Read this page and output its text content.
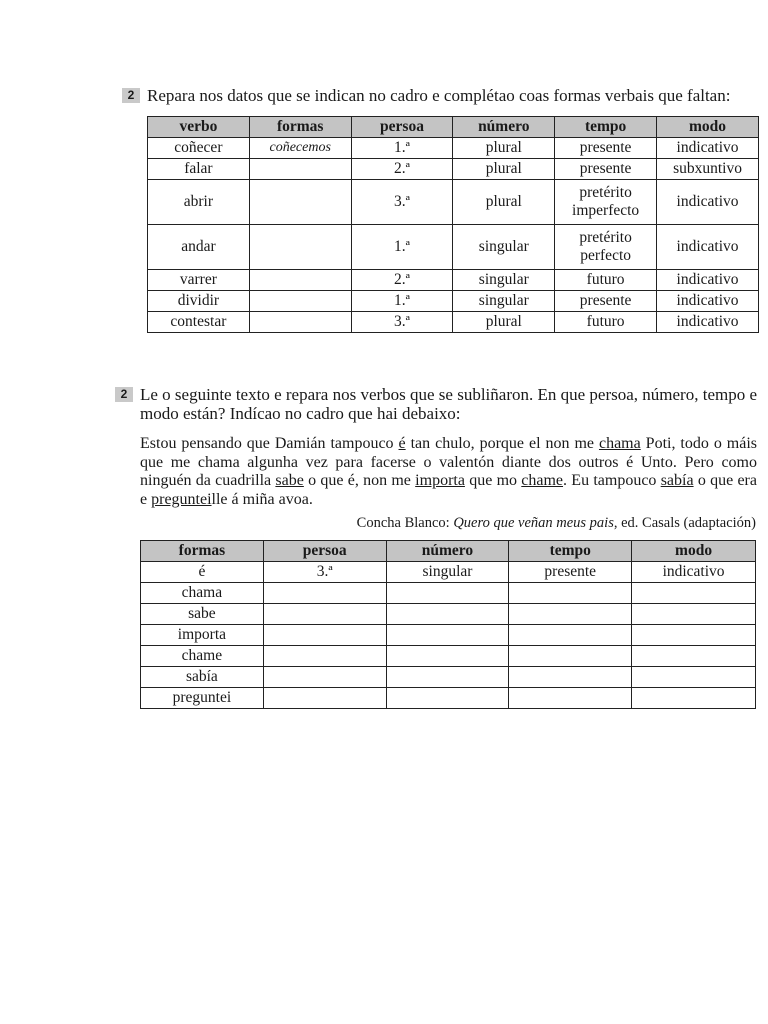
2 Repara nos datos que se indican no cadro e complétao coas formas verbais que faltan:
verbo	formas	persoa	número	tempo	modo
coñecer	coñecemos	1.ª	plural	presente	indicativo
falar		2.ª	plural	presente	subxuntivo
abrir		3.ª	plural	pretérito imperfecto	indicativo
andar		1.ª	singular	pretérito perfecto	indicativo
varrer		2.ª	singular	futuro	indicativo
dividir		1.ª	singular	presente	indicativo
contestar		3.ª	plural	futuro	indicativo
2 Le o seguinte texto e repara nos verbos que se subliñaron. En que persoa, número, tempo e modo están? Indícao no cadro que hai debaixo:
Estou pensando que Damián tampouco é tan chulo, porque el non me chama Poti, todo o máis que me chama algunha vez para facerse o valentón diante dos outros é Unto. Pero como ninguén da cuadrilla sabe o que é, non me importa que mo chame. Eu tampouco sabía o que era e pregunteille á miña avoa.
Concha Blanco: Quero que veñan meus pais, ed. Casals (adaptación)
formas	persoa	número	tempo	modo
é	3.ª	singular	presente	indicativo
chama				
sabe				
importa				
chame				
sabía				
preguntei				
